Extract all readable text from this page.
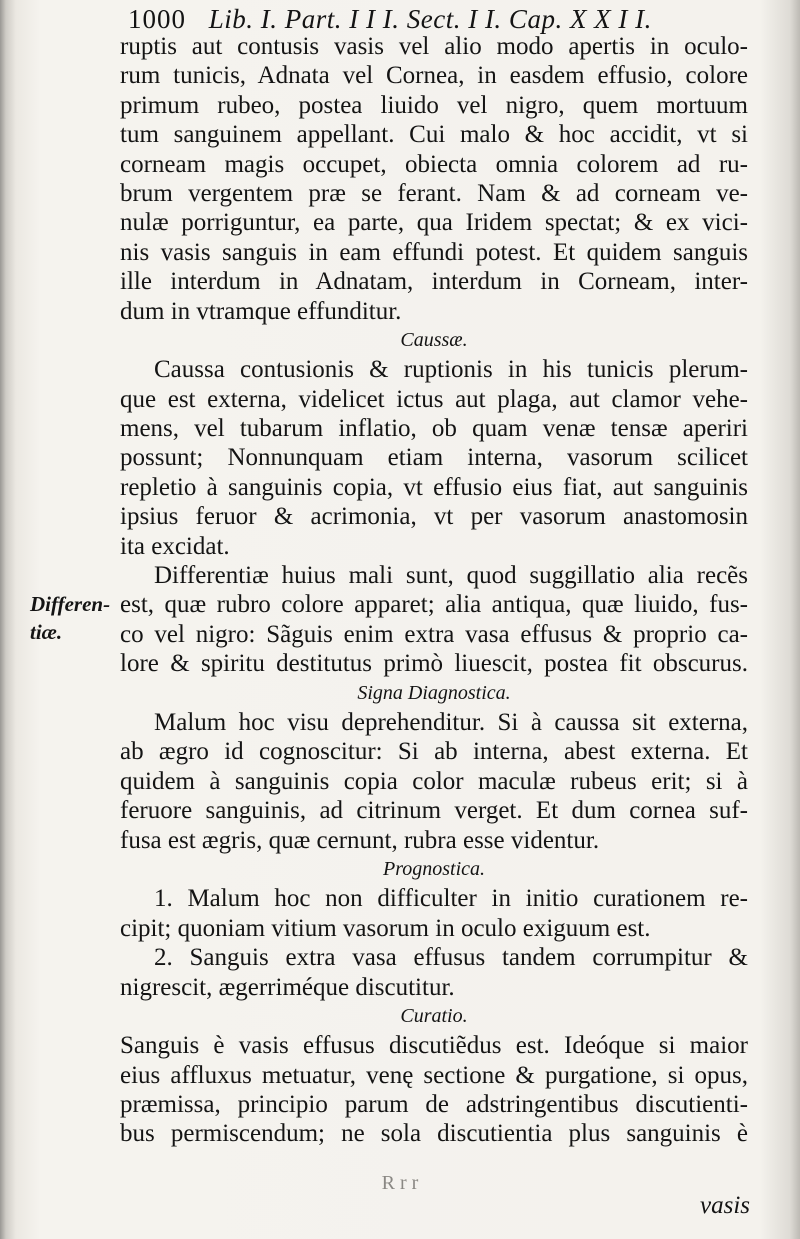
1000 Lib. I. Part. I I I. Sect. I I. Cap. X X I I.
Differen-
tiæ.
ruptis aut contusis vasis vel alio modo apertis in oculo-
rum tunicis, Adnata vel Cornea, in easdem effusio, colore
primum rubeo, postea liuido vel nigro, quem mortuum
tum sanguinem appellant. Cui malo & hoc accidit, vt si
corneam magis occupet, obiecta omnia colorem ad ru-
brum vergentem præ se ferant. Nam & ad corneam ve-
nulæ porriguntur, ea parte, qua Iridem spectat; & ex vici-
nis vasis sanguis in eam effundi potest. Et quidem sanguis
ille interdum in Adnatam, interdum in Corneam, inter-
dum in vtramque effunditur.
Caussæ.
Caussa contusionis & ruptionis in his tunicis plerum-
que est externa, videlicet ictus aut plaga, aut clamor vehe-
mens, vel tubarum inflatio, ob quam venæ tensæ aperiri
possunt; Nonnunquam etiam interna, vasorum scilicet
repletio à sanguinis copia, vt effusio eius fiat, aut sanguinis
ipsius feruor & acrimonia, vt per vasorum anastomosin
ita excidat.
Differentiæ huius mali sunt, quod suggillatio alia recẽs
est, quæ rubro colore apparet; alia antiqua, quæ liuido, fus-
co vel nigro: Sãguis enim extra vasa effusus & proprio ca-
lore & spiritu destitutus primò liuescit, postea fit obscurus.
Signa Diagnostica.
Malum hoc visu deprehenditur. Si à caussa sit externa,
ab ægro id cognoscitur: Si ab interna, abest externa. Et
quidem à sanguinis copia color maculæ rubeus erit; si à
feruore sanguinis, ad citrinum verget. Et dum cornea suf-
fusa est ægris, quæ cernunt, rubra esse videntur.
Prognostica.
1. Malum hoc non difficulter in initio curationem re-
cipit; quoniam vitium vasorum in oculo exiguum est.
2. Sanguis extra vasa effusus tandem corrumpitur &
nigrescit, ægerriméque discutitur.
Curatio.
Sanguis è vasis effusus discutiẽdus est. Ideóque si maior
eius affluxus metuatur, venę sectione & purgatione, si opus,
præmissa, principio parum de adstringentibus discutienti-
bus permiscendum; ne sola discutientia plus sanguinis è
R r r
vasis
